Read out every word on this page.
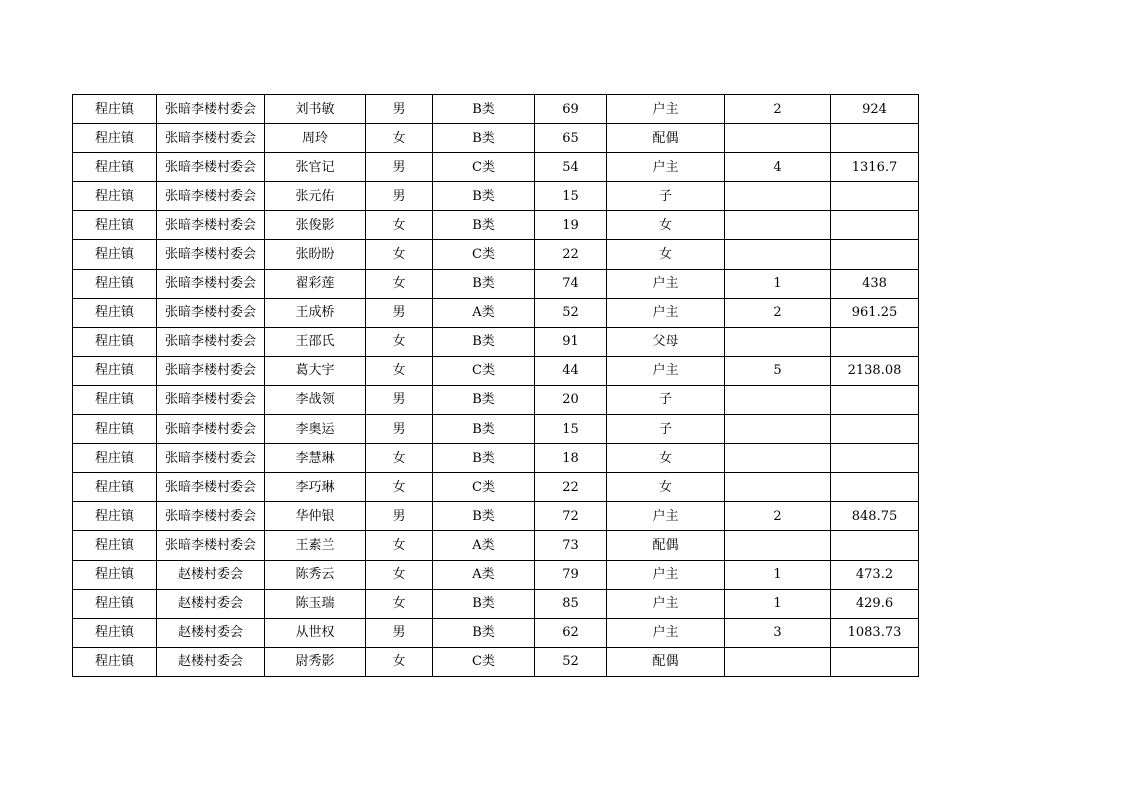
程庄镇	张暗李楼村委会	刘书敏	男	B类	69	户主	2	924
程庄镇	张暗李楼村委会	周玲	女	B类	65	配偶		
程庄镇	张暗李楼村委会	张官记	男	C类	54	户主	4	1316.7
程庄镇	张暗李楼村委会	张元佑	男	B类	15	子		
程庄镇	张暗李楼村委会	张俊影	女	B类	19	女		
程庄镇	张暗李楼村委会	张盼盼	女	C类	22	女		
程庄镇	张暗李楼村委会	翟彩莲	女	B类	74	户主	1	438
程庄镇	张暗李楼村委会	王成桥	男	A类	52	户主	2	961.25
程庄镇	张暗李楼村委会	王邵氏	女	B类	91	父母		
程庄镇	张暗李楼村委会	葛大宇	女	C类	44	户主	5	2138.08
程庄镇	张暗李楼村委会	李战领	男	B类	20	子		
程庄镇	张暗李楼村委会	李奥运	男	B类	15	子		
程庄镇	张暗李楼村委会	李慧琳	女	B类	18	女		
程庄镇	张暗李楼村委会	李巧琳	女	C类	22	女		
程庄镇	张暗李楼村委会	华仲银	男	B类	72	户主	2	848.75
程庄镇	张暗李楼村委会	王素兰	女	A类	73	配偶		
程庄镇	赵楼村委会	陈秀云	女	A类	79	户主	1	473.2
程庄镇	赵楼村委会	陈玉瑞	女	B类	85	户主	1	429.6
程庄镇	赵楼村委会	从世权	男	B类	62	户主	3	1083.73
程庄镇	赵楼村委会	尉秀影	女	C类	52	配偶		
